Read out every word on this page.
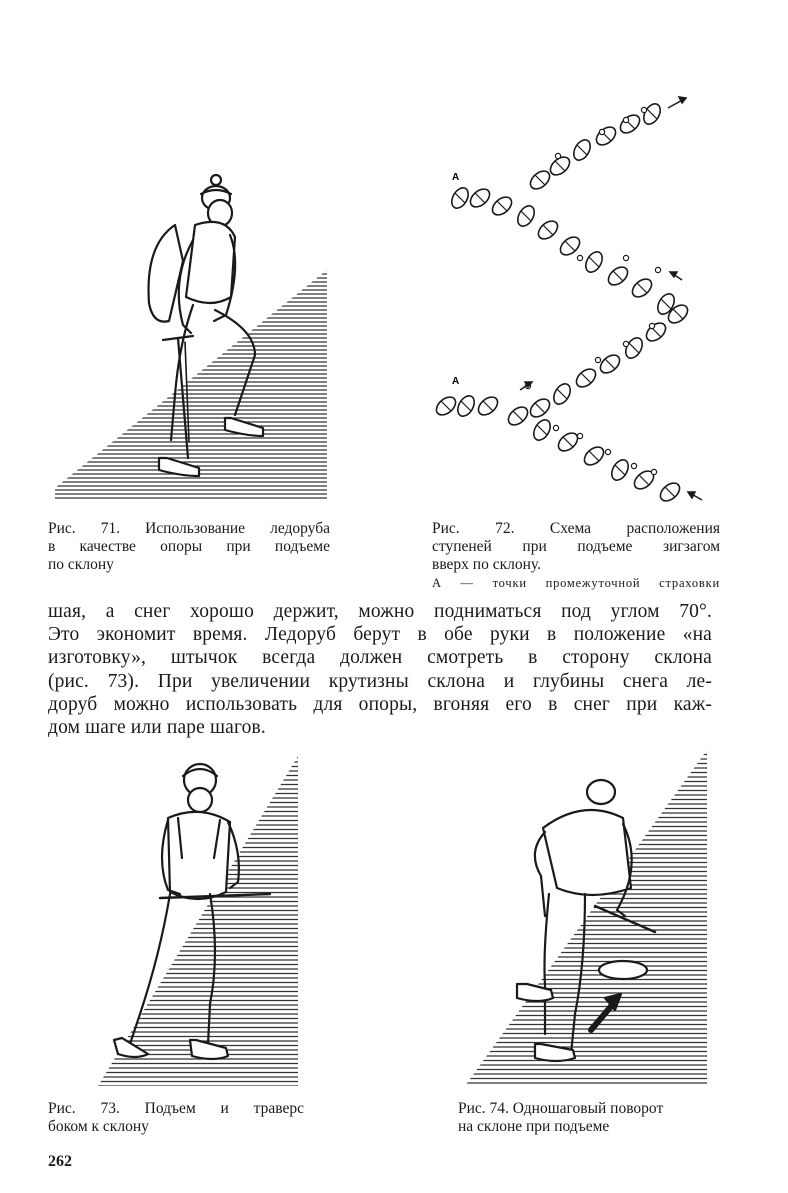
А
А
Рис. 71. Использование ледоруба
в качестве опоры при подъеме
по склону
Рис. 72. Схема расположения
ступеней при подъеме зигзагом
вверх по склону.
А — точки промежуточной страховки
шая, а снег хорошо держит, можно подниматься под углом 70°.
Это экономит время. Ледоруб берут в обе руки в положение «на
изготовку», штычок всегда должен смотреть в сторону склона
(рис. 73). При увеличении крутизны склона и глубины снега ле-
доруб можно использовать для опоры, вгоняя его в снег при каж-
дом шаге или паре шагов.
Рис. 73. Подъем и траверс
боком к склону
Рис. 74. Одношаговый поворот
на склоне при подъеме
262
